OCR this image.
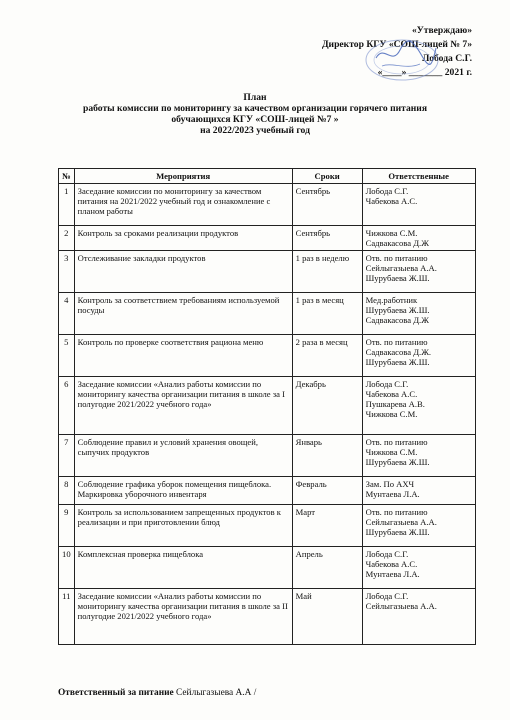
«Утверждаю»
Директор КГУ «СОШ-лицей № 7»
Лобода С.Г.
«____» _______ 2021 г.
План
работы комиссии по мониторингу за качеством организации горячего питания
обучающихся КГУ «СОШ-лицей №7 »
на 2022/2023 учебный год
№	Мероприятия	Сроки	Ответственные
1	Заседание комиссии по мониторингу за качеством питания на 2021/2022 учебный год и ознакомление с планом работы	Сентябрь	Лобода С.Г.
Чабекова А.С.

2	Контроль за сроками реализации продуктов	Сентябрь	Чижкова С.М.
Садвакасова Д.Ж

3	Отслеживание закладки продуктов	1 раз в неделю	Отв. по питанию
Сейлыгазыева А.А.
Шурубаева Ж.Ш.

4	Контроль за соответствием требованиям используемой посуды	1 раз в месяц	Мед.работник
Шурубаева Ж.Ш.
Садвакасова Д.Ж

5	Контроль по проверке соответствия рациона меню	2 раза в месяц	Отв. по питанию
Садвакасова Д.Ж.
Шурубаева Ж.Ш.

6	Заседание комиссии «Анализ работы комиссии по мониторингу качества организации питания в школе за I полугодие 2021/2022 учебного года»	Декабрь	Лобода С.Г.
Чабекова А.С.
Пушкарева А.В.
Чижкова С.М.

7	Соблюдение правил и условий хранения овощей, сыпучих продуктов	Январь	Отв. по питанию
Чижкова С.М.
Шурубаева Ж.Ш.

8	Соблюдение графика уборок помещения пищеблока. Маркировка уборочного инвентаря	Февраль	Зам. По АХЧ
Мунтаева Л.А.

9	Контроль за использованием запрещенных продуктов к реализации и при приготовлении блюд	Март	Отв. по питанию
Сейлыгазыева А.А.
Шурубаева Ж.Ш.

10	Комплексная проверка пищеблока	Апрель	Лобода С.Г.
Чабекова А.С.
Мунтаева Л.А.

11	Заседание комиссии «Анализ работы комиссии по мониторингу качества организации питания в школе за II полугодие 2021/2022 учебного года»	Май	Лобода С.Г.
Сейлыгазыева А.А.
Ответственный за питание Сейлыгазыева А.А /
